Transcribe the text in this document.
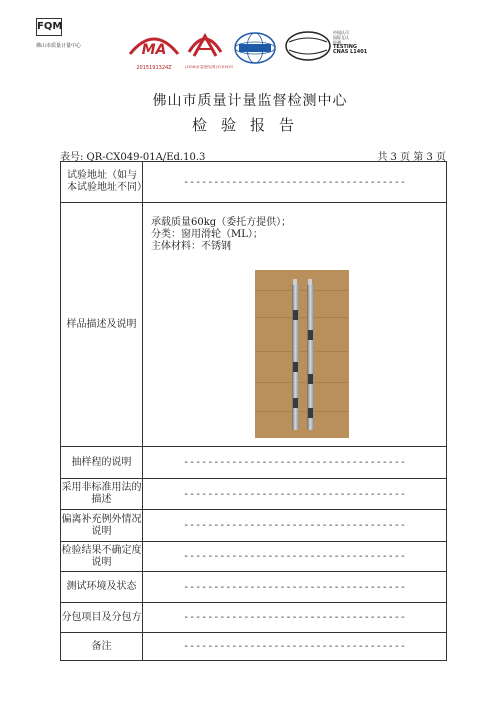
FQM
佛山市质量计量中心	MA
2015191324Z	(2016)计量授权(粤)字(019)号
中国认可
国际互认
检测
TESTING
CNAS L1401
佛山市质量计量监督检测中心
检验报告
表号: QR-CX049-01A/Ed.10.3	共 3 页 第 3 页
试验地址（如与本试验地址不同）	-------------------------------------
样品描述及说明	承载质量60kg（委托方提供）；
分类：窗用滑轮（ML）；
主体材料：不锈钢

抽样程的说明	-------------------------------------
采用非标准用法的描述	-------------------------------------
偏离补充例外情况说明	-------------------------------------
检验结果不确定度说明	-------------------------------------
测试环境及状态	-------------------------------------
分包项目及分包方	-------------------------------------
备注	-------------------------------------
